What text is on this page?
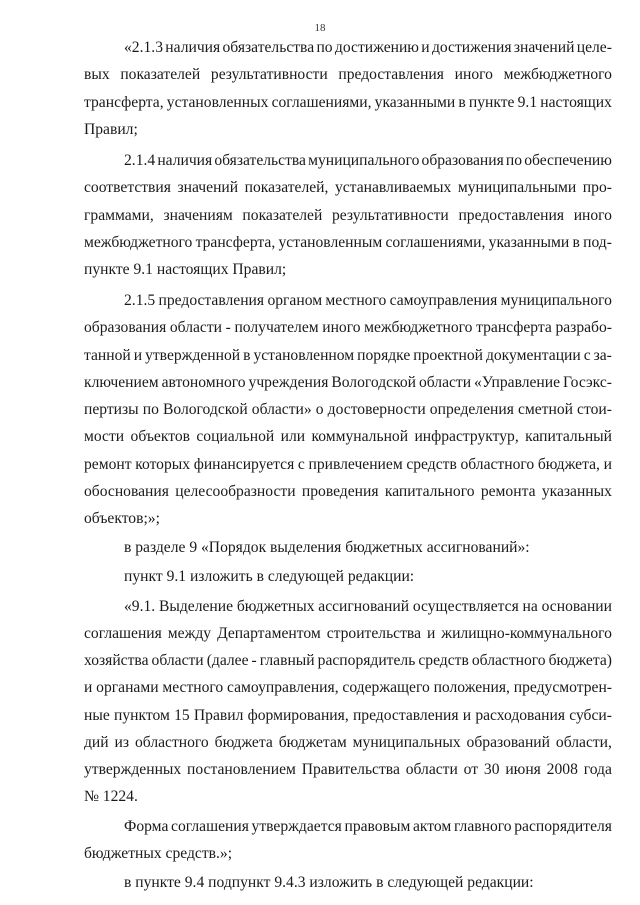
18
«2.1.3 наличия обязательства по достижению и достижения значений целе-
вых показателей результативности предоставления иного межбюджетного
трансферта, установленных соглашениями, указанными в пункте 9.1 настоящих
Правил;
2.1.4 наличия обязательства муниципального образования по обеспечению
соответствия значений показателей, устанавливаемых муниципальными про-
граммами, значениям показателей результативности предоставления иного
межбюджетного трансферта, установленным соглашениями, указанными в под-
пункте 9.1 настоящих Правил;
2.1.5 предоставления органом местного самоуправления муниципального
образования области - получателем иного межбюджетного трансферта разрабо-
танной и утвержденной в установленном порядке проектной документации с за-
ключением автономного учреждения Вологодской области «Управление Госэкс-
пертизы по Вологодской области» о достоверности определения сметной стои-
мости объектов социальной или коммунальной инфраструктур, капитальный
ремонт которых финансируется с привлечением средств областного бюджета, и
обоснования целесообразности проведения капитального ремонта указанных
объектов;»;
в разделе 9 «Порядок выделения бюджетных ассигнований»:
пункт 9.1 изложить в следующей редакции:
«9.1. Выделение бюджетных ассигнований осуществляется на основании
соглашения между Департаментом строительства и жилищно-коммунального
хозяйства области (далее - главный распорядитель средств областного бюджета)
и органами местного самоуправления, содержащего положения, предусмотрен-
ные пунктом 15 Правил формирования, предоставления и расходования субси-
дий из областного бюджета бюджетам муниципальных образований области,
утвержденных постановлением Правительства области от 30 июня 2008 года
№ 1224.
Форма соглашения утверждается правовым актом главного распорядителя
бюджетных средств.»;
в пункте 9.4 подпункт 9.4.3 изложить в следующей редакции:
